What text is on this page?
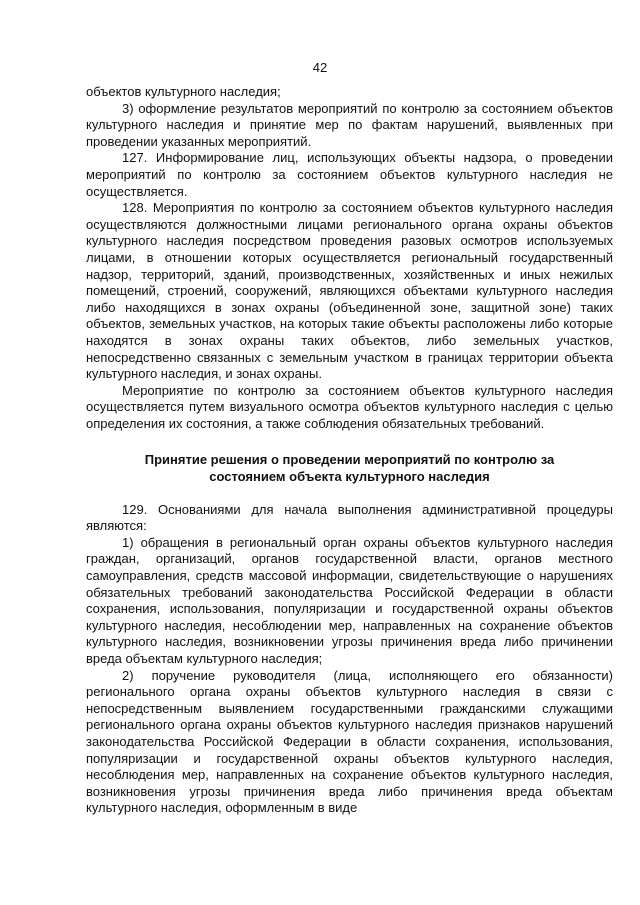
42

объектов культурного наследия;

3) оформление результатов мероприятий по контролю за состоянием объектов культурного наследия и принятие мер по фактам нарушений, выявленных при проведении указанных мероприятий.

127. Информирование лиц, использующих объекты надзора, о проведении мероприятий по контролю за состоянием объектов культурного наследия не осуществляется.

128. Мероприятия по контролю за состоянием объектов культурного наследия осуществляются должностными лицами регионального органа охраны объектов культурного наследия посредством проведения разовых осмотров используемых лицами, в отношении которых осуществляется региональный государственный надзор, территорий, зданий, производственных, хозяйственных и иных нежилых помещений, строений, сооружений, являющихся объектами культурного наследия либо находящихся в зонах охраны (объединенной зоне, защитной зоне) таких объектов, земельных участков, на которых такие объекты расположены либо которые находятся в зонах охраны таких объектов, либо земельных участков, непосредственно связанных с земельным участком в границах территории объекта культурного наследия, и зонах охраны.

Мероприятие по контролю за состоянием объектов культурного наследия осуществляется путем визуального осмотра объектов культурного наследия с целью определения их состояния, а также соблюдения обязательных требований.

Принятие решения о проведении мероприятий по контролю за состоянием объекта культурного наследия

129. Основаниями для начала выполнения административной процедуры являются:

1) обращения в региональный орган охраны объектов культурного наследия граждан, организаций, органов государственной власти, органов местного самоуправления, средств массовой информации, свидетельствующие о нарушениях обязательных требований законодательства Российской Федерации в области сохранения, использования, популяризации и государственной охраны объектов культурного наследия, несоблюдении мер, направленных на сохранение объектов культурного наследия, возникновении угрозы причинения вреда либо причинении вреда объектам культурного наследия;

2) поручение руководителя (лица, исполняющего его обязанности) регионального органа охраны объектов культурного наследия в связи с непосредственным выявлением государственными гражданскими служащими регионального органа охраны объектов культурного наследия признаков нарушений законодательства Российской Федерации в области сохранения, использования, популяризации и государственной охраны объектов культурного наследия, несоблюдения мер, направленных на сохранение объектов культурного наследия, возникновения угрозы причинения вреда либо причинения вреда объектам культурного наследия, оформленным в виде
